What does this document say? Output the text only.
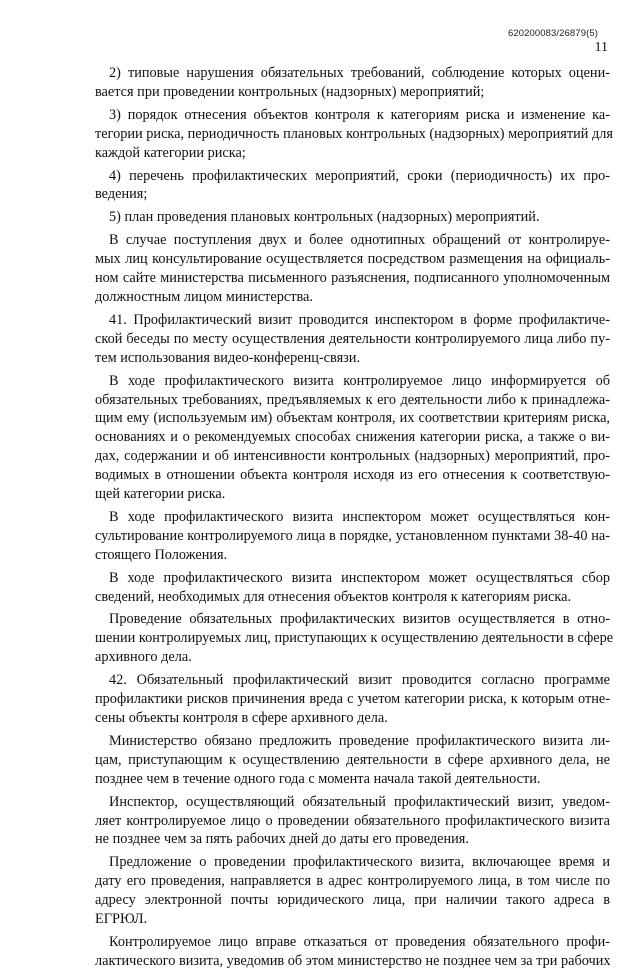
620200083/26879(5)
11

2) типовые нарушения обязательных требований, соблюдение которых оцени-
вается при проведении контрольных (надзорных) мероприятий;

3) порядок отнесения объектов контроля к категориям риска и изменение ка-
тегории риска, периодичность плановых контрольных (надзорных) мероприятий для
каждой категории риска;

4) перечень профилактических мероприятий, сроки (периодичность) их про-
ведения;

5) план проведения плановых контрольных (надзорных) мероприятий.

В случае поступления двух и более однотипных обращений от контролируе-
мых лиц консультирование осуществляется посредством размещения на официаль-
ном сайте министерства письменного разъяснения, подписанного уполномоченным
должностным лицом министерства.

41. Профилактический визит проводится инспектором в форме профилактиче-
ской беседы по месту осуществления деятельности контролируемого лица либо пу-
тем использования видео-конференц-связи.

В ходе профилактического визита контролируемое лицо информируется об
обязательных требованиях, предъявляемых к его деятельности либо к принадлежа-
щим ему (используемым им) объектам контроля, их соответствии критериям риска,
основаниях и о рекомендуемых способах снижения категории риска, а также о ви-
дах, содержании и об интенсивности контрольных (надзорных) мероприятий, про-
водимых в отношении объекта контроля исходя из его отнесения к соответствую-
щей категории риска.

В ходе профилактического визита инспектором может осуществляться кон-
сультирование контролируемого лица в порядке, установленном пунктами 38-40 на-
стоящего Положения.

В ходе профилактического визита инспектором может осуществляться сбор
сведений, необходимых для отнесения объектов контроля к категориям риска.

Проведение обязательных профилактических визитов осуществляется в отно-
шении контролируемых лиц, приступающих к осуществлению деятельности в сфере
архивного дела.

42. Обязательный профилактический визит проводится согласно программе
профилактики рисков причинения вреда с учетом категории риска, к которым отне-
сены объекты контроля в сфере архивного дела.

Министерство обязано предложить проведение профилактического визита ли-
цам, приступающим к осуществлению деятельности в сфере архивного дела, не
позднее чем в течение одного года с момента начала такой деятельности.

Инспектор, осуществляющий обязательный профилактический визит, уведом-
ляет контролируемое лицо о проведении обязательного профилактического визита
не позднее чем за пять рабочих дней до даты его проведения.

Предложение о проведении профилактического визита, включающее время и
дату его проведения, направляется в адрес контролируемого лица, в том числе по
адресу электронной почты юридического лица, при наличии такого адреса в
ЕГРЮЛ.

Контролируемое лицо вправе отказаться от проведения обязательного профи-
лактического визита, уведомив об этом министерство не позднее чем за три рабочих
